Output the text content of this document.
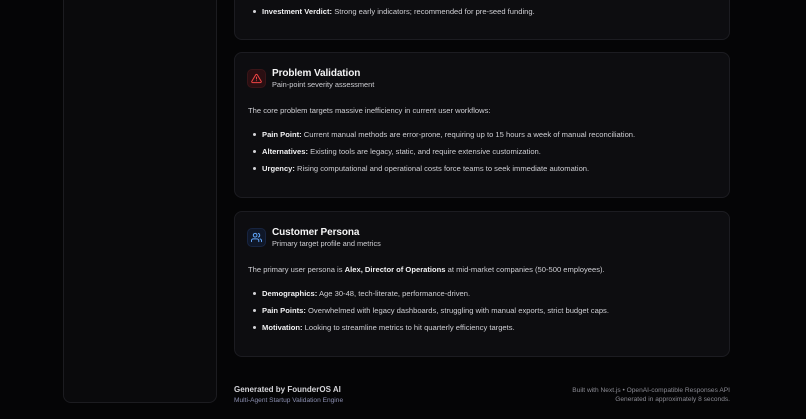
Investment Verdict: Strong early indicators; recommended for pre-seed funding.
Problem Validation
Pain-point severity assessment
The core problem targets massive inefficiency in current user workflows:
Pain Point: Current manual methods are error-prone, requiring up to 15 hours a week of manual reconciliation.
Alternatives: Existing tools are legacy, static, and require extensive customization.
Urgency: Rising computational and operational costs force teams to seek immediate automation.
Customer Persona
Primary target profile and metrics
The primary user persona is Alex, Director of Operations at mid-market companies (50-500 employees).
Demographics: Age 30-48, tech-literate, performance-driven.
Pain Points: Overwhelmed with legacy dashboards, struggling with manual exports, strict budget caps.
Motivation: Looking to streamline metrics to hit quarterly efficiency targets.
Generated by FounderOS AI
Multi-Agent Startup Validation Engine
Built with Next.js • OpenAI-compatible Responses API
Generated in approximately 8 seconds.
